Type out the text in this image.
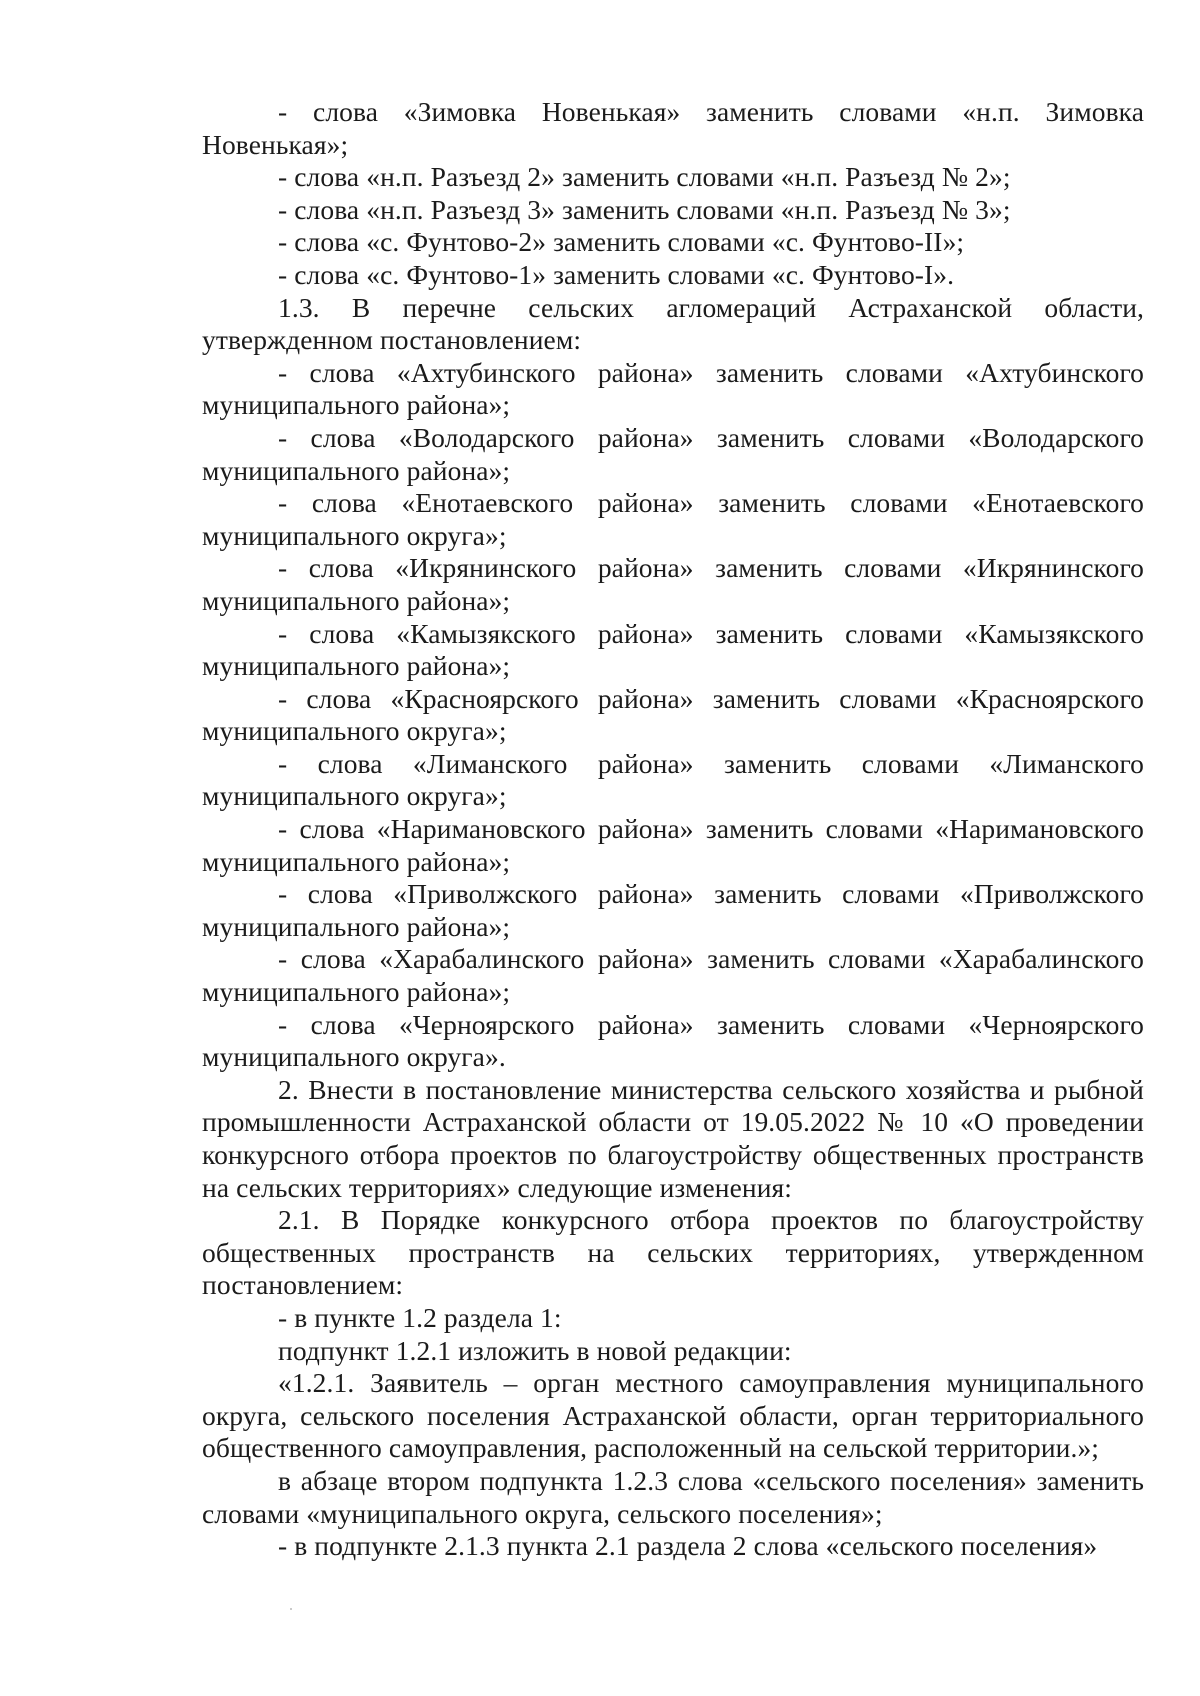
- слова «Зимовка Новенькая» заменить словами «н.п. Зимовка Новенькая»;

- слова «н.п. Разъезд 2» заменить словами «н.п. Разъезд № 2»;

- слова «н.п. Разъезд 3» заменить словами «н.п. Разъезд № 3»;

- слова «с. Фунтово-2» заменить словами «с. Фунтово-II»;

- слова «с. Фунтово-1» заменить словами «с. Фунтово-I».

1.3. В перечне сельских агломераций Астраханской области, утвержденном постановлением:

- слова «Ахтубинского района» заменить словами «Ахтубинского муниципального района»;

- слова «Володарского района» заменить словами «Володарского муниципального района»;

- слова «Енотаевского района» заменить словами «Енотаевского муниципального округа»;

- слова «Икрянинского района» заменить словами «Икрянинского муниципального района»;

- слова «Камызякского района» заменить словами «Камызякского муниципального района»;

- слова «Красноярского района» заменить словами «Красноярского муниципального округа»;

- слова «Лиманского района» заменить словами «Лиманского муниципального округа»;

- слова «Наримановского района» заменить словами «Наримановского муниципального района»;

- слова «Приволжского района» заменить словами «Приволжского муниципального района»;

- слова «Харабалинского района» заменить словами «Харабалинского муниципального района»;

- слова «Черноярского района» заменить словами «Черноярского муниципального округа».

2. Внести в постановление министерства сельского хозяйства и рыбной промышленности Астраханской области от 19.05.2022 № 10 «О проведении конкурсного отбора проектов по благоустройству общественных пространств на сельских территориях» следующие изменения:

2.1. В Порядке конкурсного отбора проектов по благоустройству общественных пространств на сельских территориях, утвержденном постановлением:

- в пункте 1.2 раздела 1:

подпункт 1.2.1 изложить в новой редакции:

«1.2.1. Заявитель – орган местного самоуправления муниципального округа, сельского поселения Астраханской области, орган территориального общественного самоуправления, расположенный на сельской территории.»;

в абзаце втором подпункта 1.2.3 слова «сельского поселения» заменить словами «муниципального округа, сельского поселения»;

- в подпункте 2.1.3 пункта 2.1 раздела 2 слова «сельского поселения»
